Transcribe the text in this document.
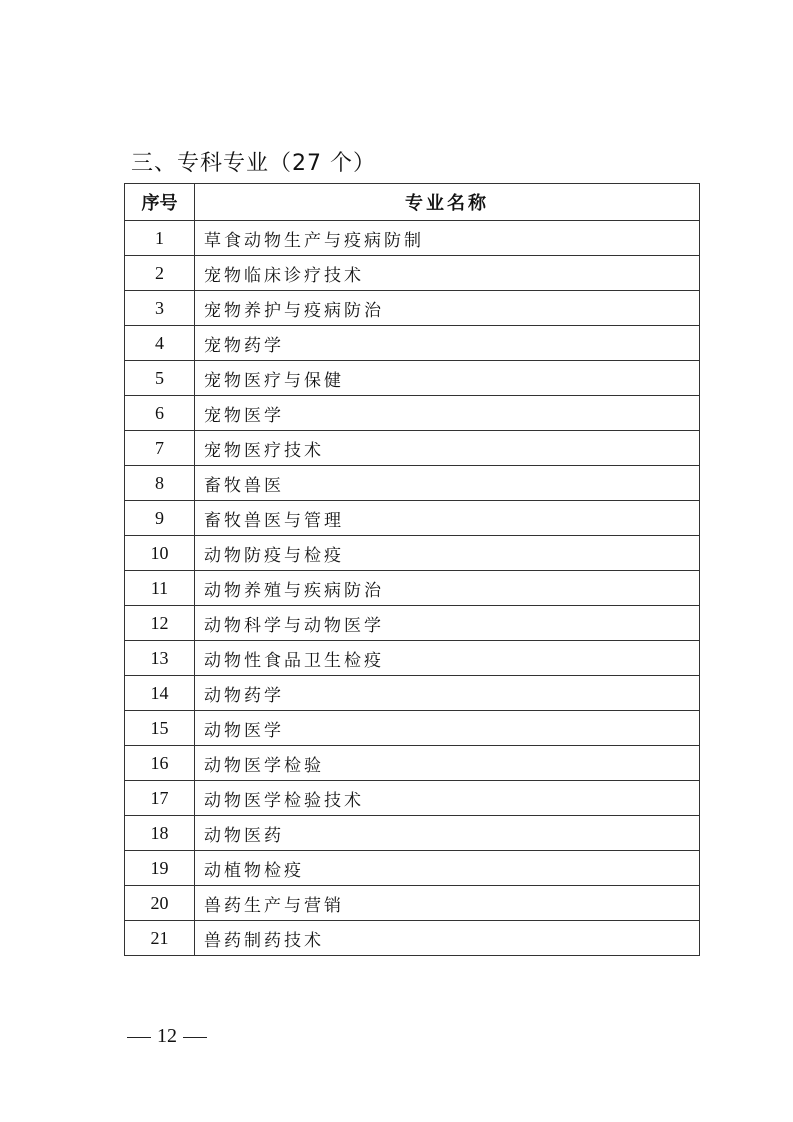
三、专科专业（27 个）
序号	专业名称
1	草食动物生产与疫病防制
2	宠物临床诊疗技术
3	宠物养护与疫病防治
4	宠物药学
5	宠物医疗与保健
6	宠物医学
7	宠物医疗技术
8	畜牧兽医
9	畜牧兽医与管理
10	动物防疫与检疫
11	动物养殖与疾病防治
12	动物科学与动物医学
13	动物性食品卫生检疫
14	动物药学
15	动物医学
16	动物医学检验
17	动物医学检验技术
18	动物医药
19	动植物检疫
20	兽药生产与营销
21	兽药制药技术
12
